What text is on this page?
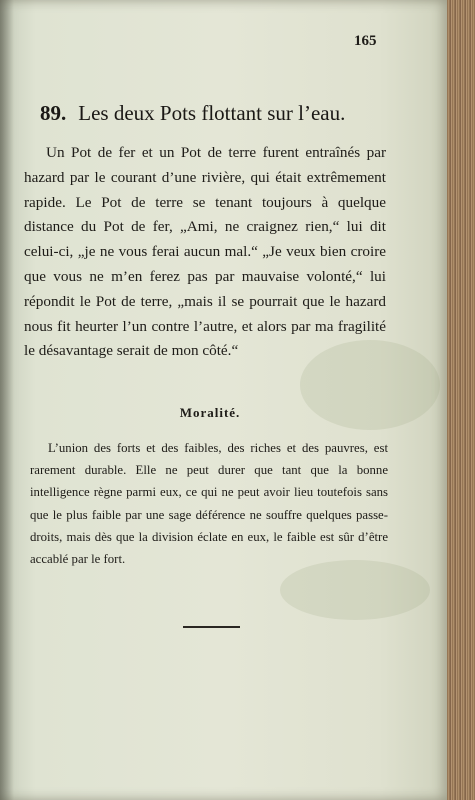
165
89. Les deux Pots flottant sur l’eau.

Un Pot de fer et un Pot de terre furent entraînés par hazard par le courant d’une rivière, qui était extrêmement rapide. Le Pot de terre se tenant toujours à quelque distance du Pot de fer, „Ami, ne craignez rien,“ lui dit celui-ci, „je ne vous ferai aucun mal.“ „Je veux bien croire que vous ne m’en ferez pas par mauvaise volonté,“ lui répondit le Pot de terre, „mais il se pourrait que le hazard nous fit heurter l’un contre l’autre, et alors par ma fragilité le désavantage serait de mon côté.“

Moralité.

L’union des forts et des faibles, des riches et des pauvres, est rarement durable. Elle ne peut durer que tant que la bonne intelligence règne parmi eux, ce qui ne peut avoir lieu toutefois sans que le plus faible par une sage déférence ne souffre quelques passe-droits, mais dès que la division éclate en eux, le faible est sûr d’être accablé par le fort.
